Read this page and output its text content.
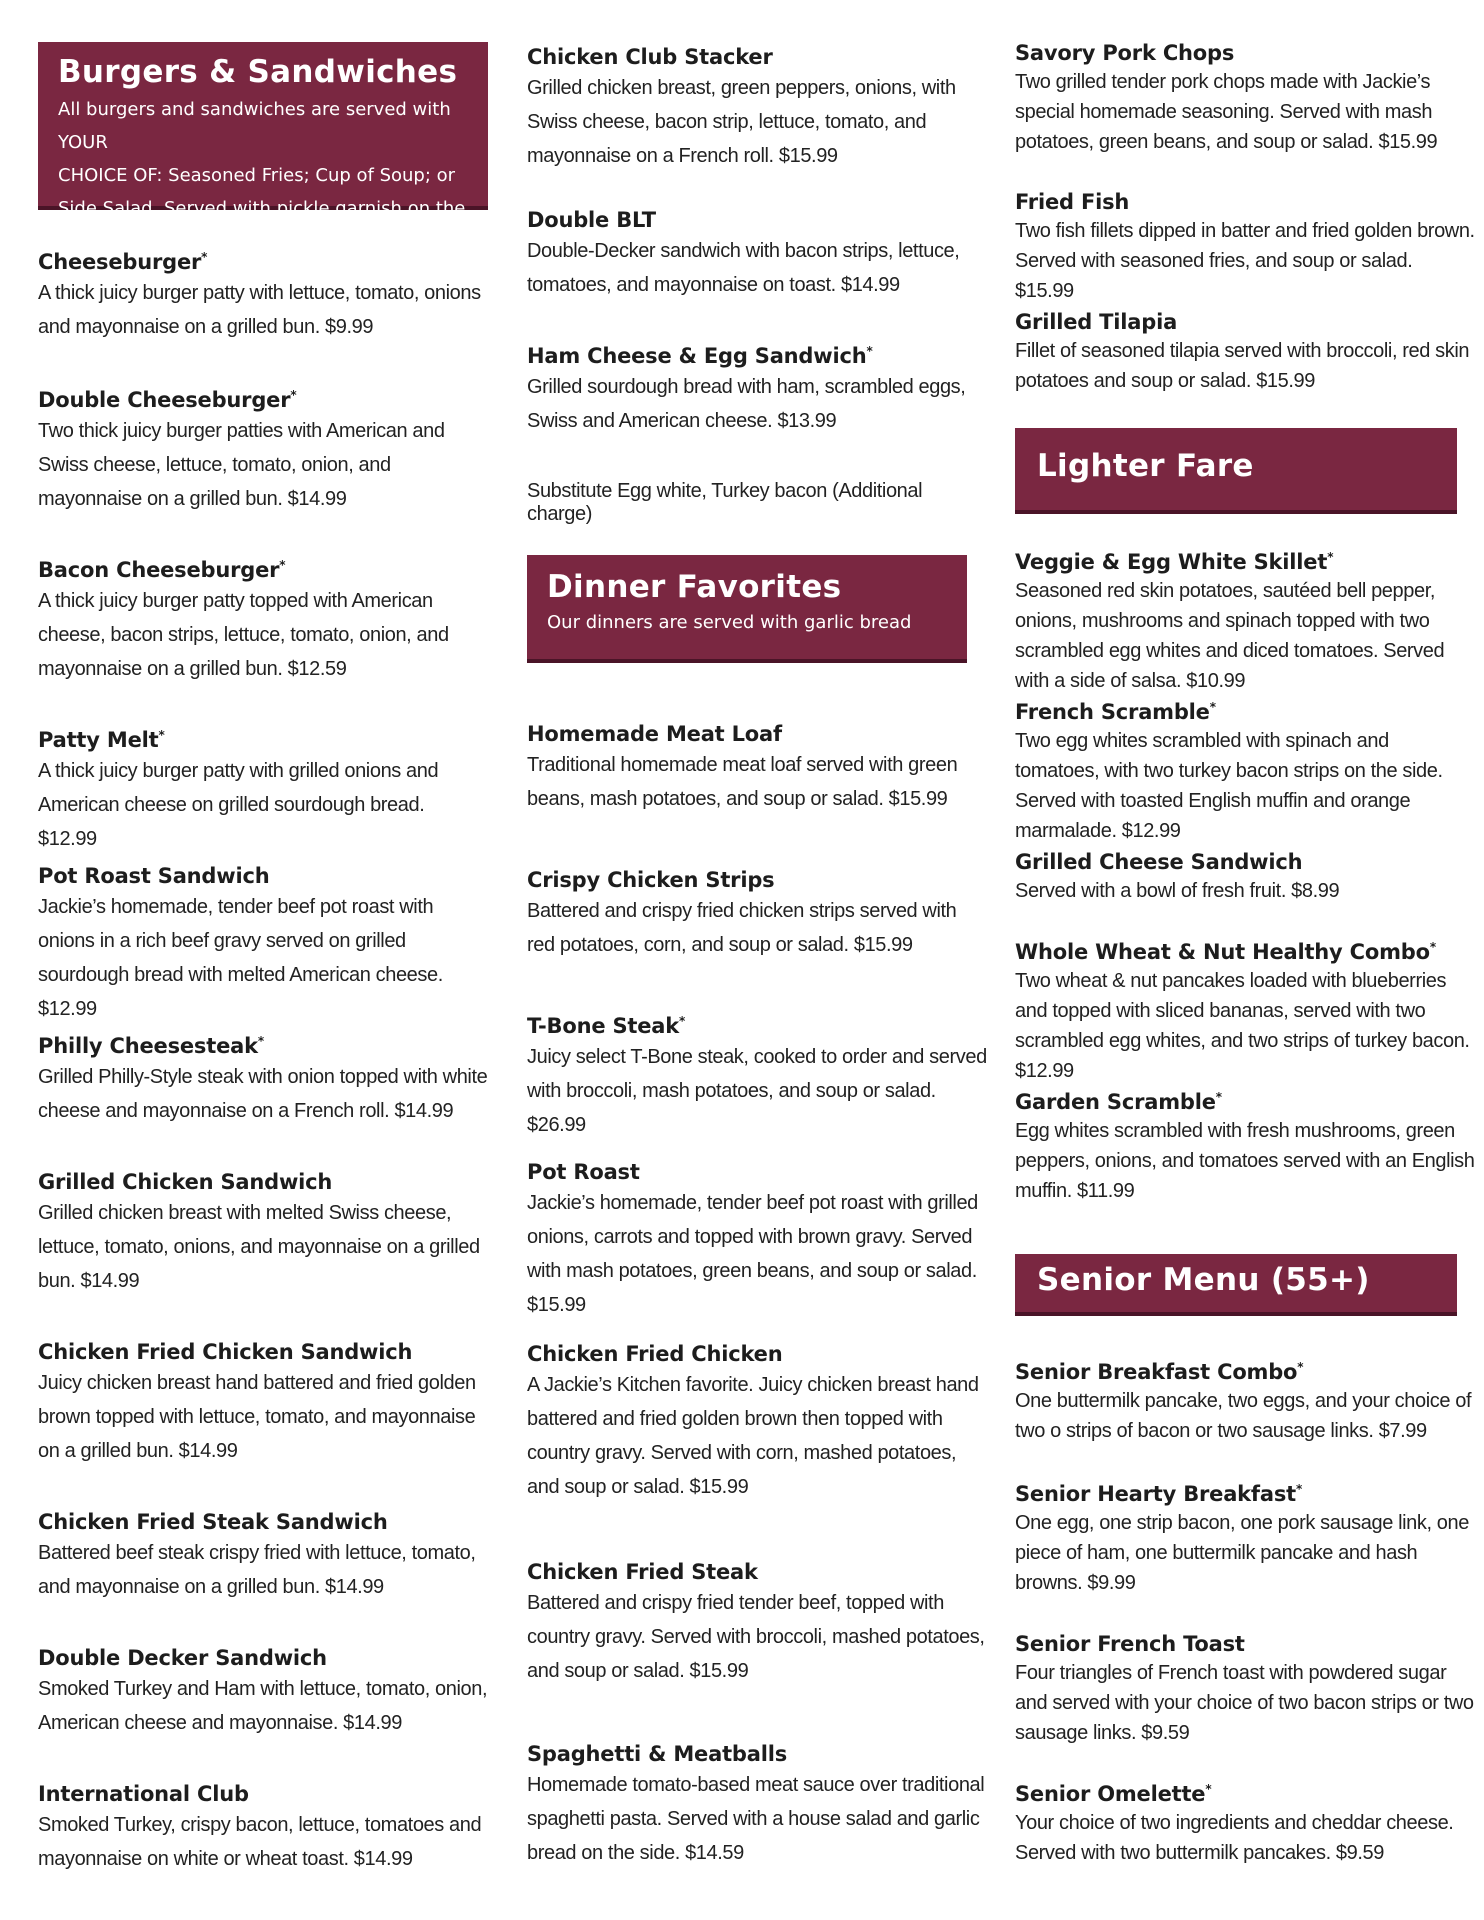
Burgers & Sandwiches
All burgers and sandwiches are served with YOUR
CHOICE OF: Seasoned Fries; Cup of Soup; or
Side Salad. Served with pickle garnish on the side.
Cheeseburger*
A thick juicy burger patty with lettuce, tomato, onions and mayonnaise on a grilled bun. $9.99
Double Cheeseburger*
Two thick juicy burger patties with American and Swiss cheese, lettuce, tomato, onion, and mayonnaise on a grilled bun. $14.99
Bacon Cheeseburger*
A thick juicy burger patty topped with American cheese, bacon strips, lettuce, tomato, onion, and mayonnaise on a grilled bun. $12.59
Patty Melt*
A thick juicy burger patty with grilled onions and American cheese on grilled sourdough bread. $12.99
Pot Roast Sandwich
Jackie’s homemade, tender beef pot roast with onions in a rich beef gravy served on grilled sourdough bread with melted American cheese. $12.99
Philly Cheesesteak*
Grilled Philly-Style steak with onion topped with white cheese and mayonnaise on a French roll. $14.99
Grilled Chicken Sandwich
Grilled chicken breast with melted Swiss cheese, lettuce, tomato, onions, and mayonnaise on a grilled bun. $14.99
Chicken Fried Chicken Sandwich
Juicy chicken breast hand battered and fried golden brown topped with lettuce, tomato, and mayonnaise on a grilled bun. $14.99
Chicken Fried Steak Sandwich
Battered beef steak crispy fried with lettuce, tomato, and mayonnaise on a grilled bun. $14.99
Double Decker Sandwich
Smoked Turkey and Ham with lettuce, tomato, onion, American cheese and mayonnaise. $14.99
International Club
Smoked Turkey, crispy bacon, lettuce, tomatoes and mayonnaise on white or wheat toast. $14.99
Chicken Club Stacker
Grilled chicken breast, green peppers, onions, with Swiss cheese, bacon strip, lettuce, tomato, and mayonnaise on a French roll. $15.99
Double BLT
Double-Decker sandwich with bacon strips, lettuce, tomatoes, and mayonnaise on toast. $14.99
Ham Cheese & Egg Sandwich*
Grilled sourdough bread with ham, scrambled eggs, Swiss and American cheese. $13.99
Substitute Egg white, Turkey bacon (Additional charge)
Dinner Favorites
Our dinners are served with garlic bread
Homemade Meat Loaf
Traditional homemade meat loaf served with green beans, mash potatoes, and soup or salad. $15.99
Crispy Chicken Strips
Battered and crispy fried chicken strips served with red potatoes, corn, and soup or salad. $15.99
T-Bone Steak*
Juicy select T-Bone steak, cooked to order and served with broccoli, mash potatoes, and soup or salad. $26.99
Pot Roast
Jackie’s homemade, tender beef pot roast with grilled onions, carrots and topped with brown gravy. Served with mash potatoes, green beans, and soup or salad. $15.99
Chicken Fried Chicken
A Jackie’s Kitchen favorite. Juicy chicken breast hand battered and fried golden brown then topped with country gravy. Served with corn, mashed potatoes, and soup or salad. $15.99
Chicken Fried Steak
Battered and crispy fried tender beef, topped with country gravy. Served with broccoli, mashed potatoes, and soup or salad. $15.99
Spaghetti & Meatballs
Homemade tomato-based meat sauce over traditional spaghetti pasta. Served with a house salad and garlic bread on the side. $14.59
Savory Pork Chops
Two grilled tender pork chops made with Jackie’s special homemade seasoning. Served with mash potatoes, green beans, and soup or salad. $15.99
Fried Fish
Two fish fillets dipped in batter and fried golden brown. Served with seasoned fries, and soup or salad. $15.99
Grilled Tilapia
Fillet of seasoned tilapia served with broccoli, red skin potatoes and soup or salad. $15.99
Lighter Fare
Veggie & Egg White Skillet*
Seasoned red skin potatoes, sautéed bell pepper, onions, mushrooms and spinach topped with two scrambled egg whites and diced tomatoes. Served with a side of salsa. $10.99
French Scramble*
Two egg whites scrambled with spinach and tomatoes, with two turkey bacon strips on the side. Served with toasted English muffin and orange marmalade. $12.99
Grilled Cheese Sandwich
Served with a bowl of fresh fruit. $8.99
Whole Wheat & Nut Healthy Combo*
Two wheat & nut pancakes loaded with blueberries and topped with sliced bananas, served with two scrambled egg whites, and two strips of turkey bacon. $12.99
Garden Scramble*
Egg whites scrambled with fresh mushrooms, green peppers, onions, and tomatoes served with an English muffin. $11.99
Senior Menu (55+)
Senior Breakfast Combo*
One buttermilk pancake, two eggs, and your choice of two o strips of bacon or two sausage links. $7.99
Senior Hearty Breakfast*
One egg, one strip bacon, one pork sausage link, one piece of ham, one buttermilk pancake and hash browns. $9.99
Senior French Toast
Four triangles of French toast with powdered sugar and served with your choice of two bacon strips or two sausage links. $9.59
Senior Omelette*
Your choice of two ingredients and cheddar cheese. Served with two buttermilk pancakes. $9.59
